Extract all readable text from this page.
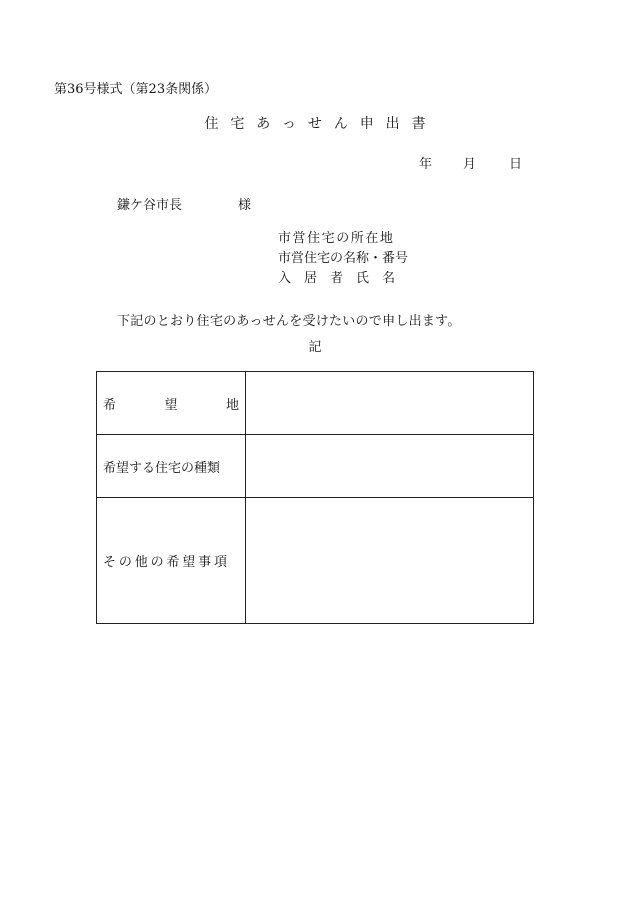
第36号様式（第23条関係）
住宅あっせん申出書
年 月	日
鎌ケ谷市長	様
市営住宅の所在地
市営住宅の名称・番号
入居者氏名
下記のとおり住宅のあっせんを受けたいので申し出ます。
記
希 望 地	

希望する住宅の種類	
その他の希望事項	
